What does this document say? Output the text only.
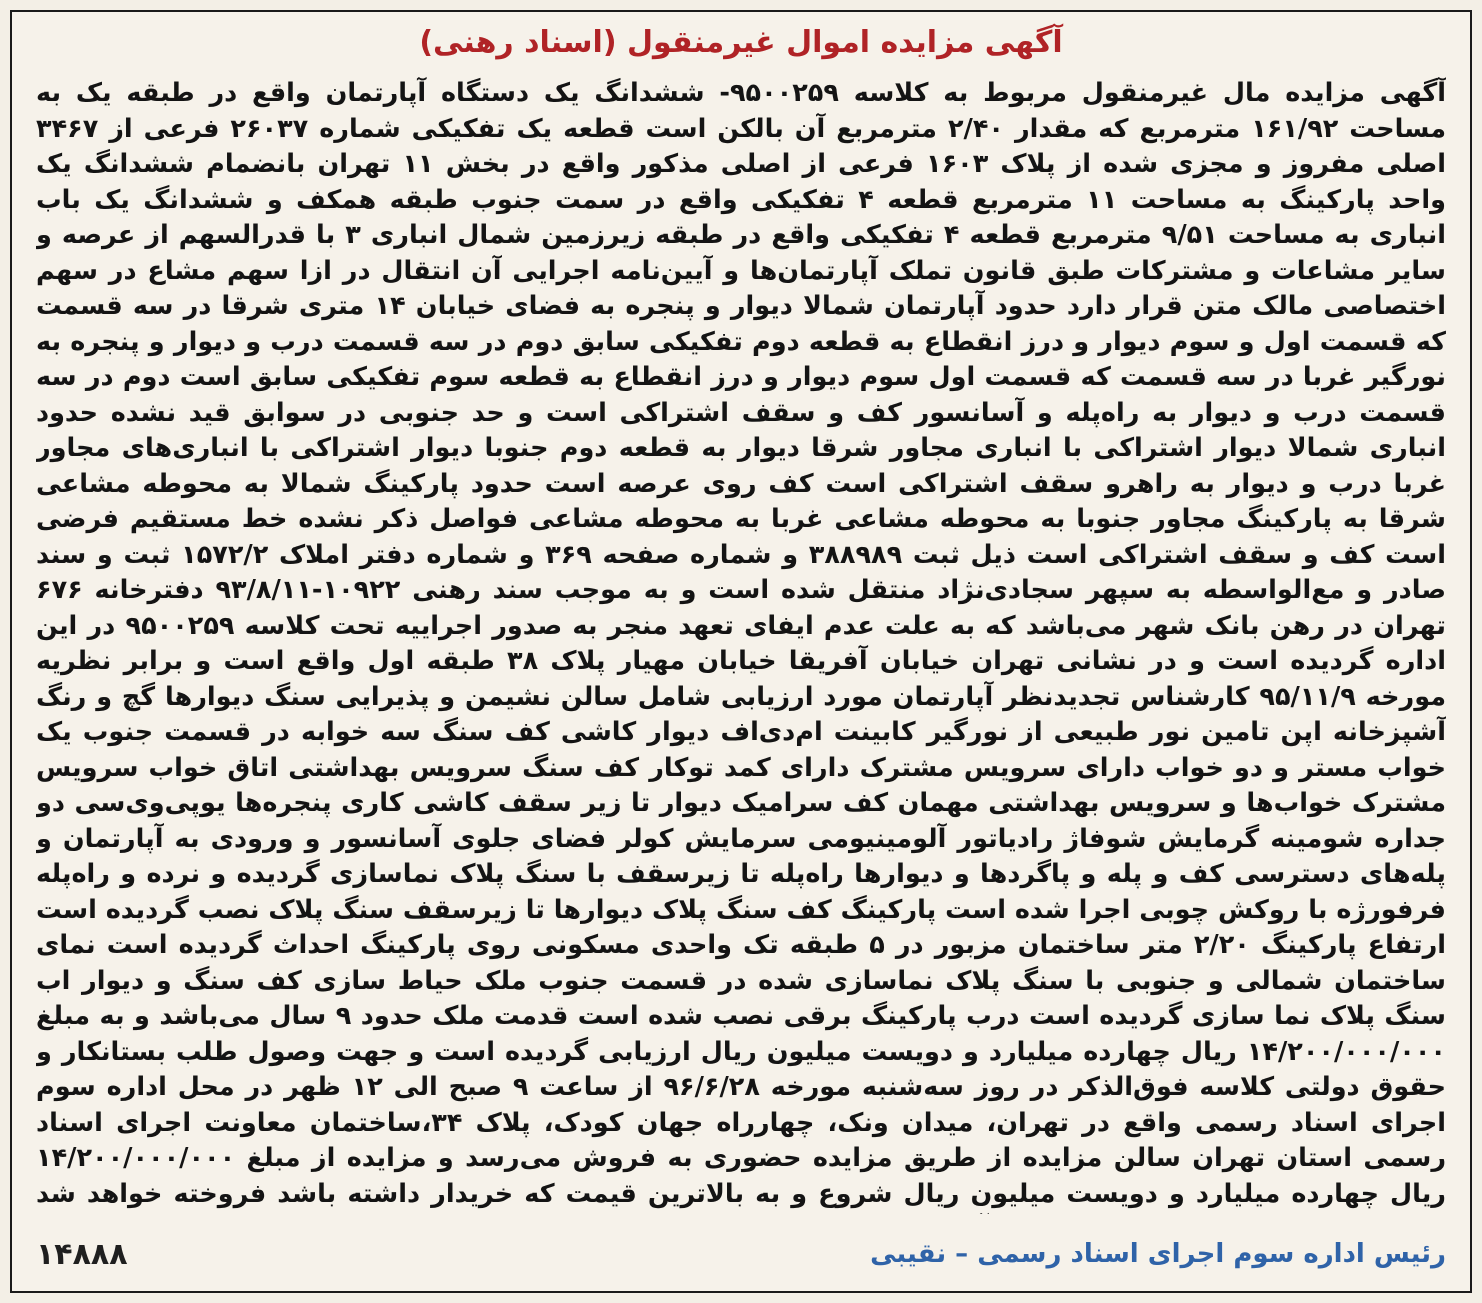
آگهی مزایده اموال غیرمنقول (اسناد رهنی)
آگهی مزایده مال غیرمنقول مربوط به کلاسه ۹۵۰۰۲۵۹- ششدانگ یک دستگاه آپارتمان واقع در طبقه یک به مساحت ۱۶۱/۹۲ مترمربع که مقدار ۲/۴۰ مترمربع آن بالکن است قطعه یک تفکیکی شماره ۲۶۰۳۷ فرعی از ۳۴۶۷ اصلی مفروز و مجزی شده از پلاک ۱۶۰۳ فرعی از اصلی مذکور واقع در بخش ۱۱ تهران بانضمام ششدانگ یک واحد پارکینگ به مساحت ۱۱ مترمربع قطعه ۴ تفکیکی واقع در سمت جنوب طبقه همکف و ششدانگ یک باب انباری به مساحت ۹/۵۱ مترمربع قطعه ۴ تفکیکی واقع در طبقه زیرزمین شمال انباری ۳ با قدرالسهم از عرصه و سایر مشاعات و مشترکات طبق قانون تملک آپارتمان‌ها و آیین‌نامه اجرایی آن انتقال در ازا سهم مشاع در سهم اختصاصی مالک متن قرار دارد حدود آپارتمان شمالا دیوار و پنجره به فضای خیابان ۱۴ متری شرقا در سه قسمت که قسمت اول و سوم دیوار و درز انقطاع به قطعه دوم تفکیکی سابق دوم در سه قسمت درب و دیوار و پنجره به نورگیر غربا در سه قسمت که قسمت اول سوم دیوار و درز انقطاع به قطعه سوم تفکیکی سابق است دوم در سه قسمت درب و دیوار به راه‌پله و آسانسور کف و سقف اشتراکی است و حد جنوبی در سوابق قید نشده حدود انباری شمالا دیوار اشتراکی با انباری مجاور شرقا دیوار به قطعه دوم جنوبا دیوار اشتراکی با انباری‌های مجاور غربا درب و دیوار به راهرو سقف اشتراکی است کف روی عرصه است حدود پارکینگ شمالا به محوطه مشاعی شرقا به پارکینگ مجاور جنوبا به محوطه مشاعی غربا به محوطه مشاعی فواصل ذکر نشده خط مستقیم فرضی است کف و سقف اشتراکی است ذیل ثبت ۳۸۸۹۸۹ و شماره صفحه ۳۶۹ و شماره دفتر املاک ۱۵۷۲/۲ ثبت و سند صادر و مع‌الواسطه به سپهر سجادی‌نژاد منتقل شده است و به موجب سند رهنی ۱۰۹۲۲-۹۳/۸/۱۱ دفترخانه ۶۷۶ تهران در رهن بانک شهر می‌باشد که به علت عدم ایفای تعهد منجر به صدور اجراییه تحت کلاسه ۹۵۰۰۲۵۹ در این اداره گردیده است و در نشانی تهران خیابان آفریقا خیابان مهیار پلاک ۳۸ طبقه اول واقع است و برابر نظریه مورخه ۹۵/۱۱/۹ کارشناس تجدیدنظر آپارتمان مورد ارزیابی شامل سالن نشیمن و پذیرایی سنگ دیوارها گچ و رنگ آشپزخانه اپن تامین نور طبیعی از نورگیر کابینت ام‌دی‌اف دیوار کاشی کف سنگ سه خوابه در قسمت جنوب یک خواب مستر و دو خواب دارای سرویس مشترک دارای کمد توکار کف سنگ سرویس بهداشتی اتاق خواب سرویس مشترک خواب‌ها و سرویس بهداشتی مهمان کف سرامیک دیوار تا زیر سقف کاشی کاری پنجره‌ها یوپی‌وی‌سی دو جداره شومینه گرمایش شوفاژ رادیاتور آلومینیومی سرمایش کولر فضای جلوی آسانسور و ورودی به آپارتمان و پله‌های دسترسی کف و پله و پاگردها و دیوارها راه‌پله تا زیرسقف با سنگ پلاک نماسازی گردیده و نرده و راه‌پله فرفورژه با روکش چوبی اجرا شده است پارکینگ کف سنگ پلاک دیوارها تا زیرسقف سنگ پلاک نصب گردیده است ارتفاع پارکینگ ۲/۲۰ متر ساختمان مزبور در ۵ طبقه تک واحدی مسکونی روی پارکینگ احداث گردیده است نمای ساختمان شمالی و جنوبی با سنگ پلاک نماسازی شده در قسمت جنوب ملک حیاط سازی کف سنگ و دیوار اب سنگ پلاک نما سازی گردیده است درب پارکینگ برقی نصب شده است قدمت ملک حدود ۹ سال می‌باشد و به مبلغ ۱۴/۲۰۰/۰۰۰/۰۰۰ ریال چهارده میلیارد و دویست میلیون ریال ارزیابی گردیده است و جهت وصول طلب بستانکار و حقوق دولتی کلاسه فوق‌الذکر در روز سه‌شنبه مورخه ۹۶/۶/۲۸ از ساعت ۹ صبح الی ۱۲ ظهر در محل اداره سوم اجرای اسناد رسمی واقع در تهران، میدان ونک، چهارراه جهان کودک، پلاک ۳۴،ساختمان معاونت اجرای اسناد رسمی استان تهران سالن مزایده از طریق مزایده حضوری به فروش می‌رسد و مزایده از مبلغ ۱۴/۲۰۰/۰۰۰/۰۰۰ ریال چهارده میلیارد و دویست میلیون ریال شروع و به بالاترین قیمت که خریدار داشته باشد فروخته خواهد شد
رئیس اداره سوم اجرای اسناد رسمی – نقیبی
۱۴۸۸۸
